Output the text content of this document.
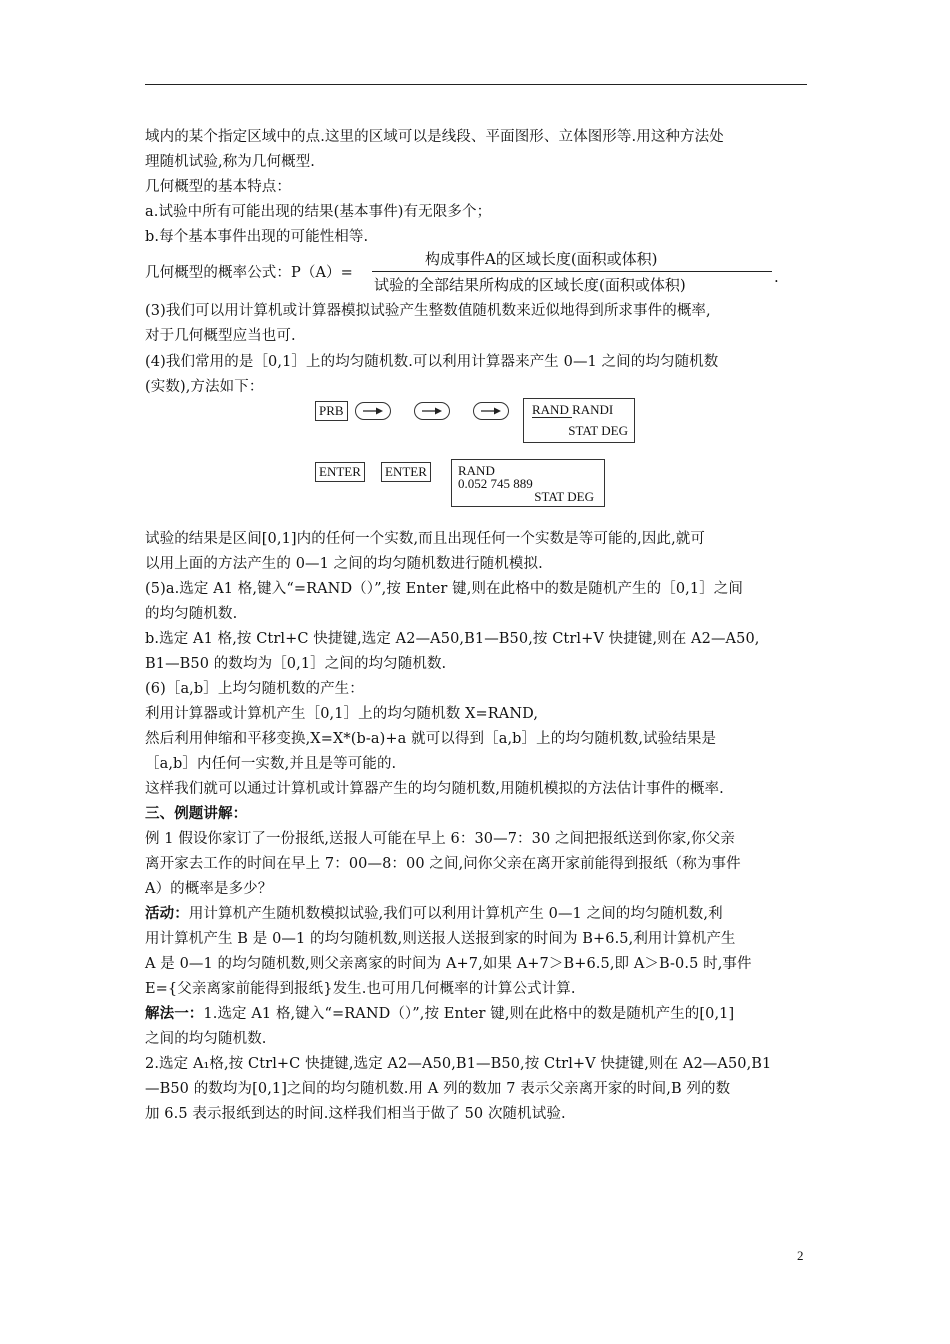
域内的某个指定区域中的点.这里的区域可以是线段、平面图形、立体图形等.用这种方法处
理随机试验,称为几何概型.
几何概型的基本特点：
a.试验中所有可能出现的结果(基本事件)有无限多个；
b.每个基本事件出现的可能性相等.
几何概型的概率公式：P（A）=
构成事件A的区域长度(面积或体积)
试验的全部结果所构成的区域长度(面积或体积)	.
(3)我们可以用计算机或计算器模拟试验产生整数值随机数来近似地得到所求事件的概率,
对于几何概型应当也可.
(4)我们常用的是［0,1］上的均匀随机数.可以利用计算器来产生 0—1 之间的均匀随机数
(实数),方法如下：
PRB	RAND RANDI
STAT DEG
ENTER	ENTER	RAND
0.052 745 889
STAT DEG
试验的结果是区间[0,1]内的任何一个实数,而且出现任何一个实数是等可能的,因此,就可
以用上面的方法产生的 0—1 之间的均匀随机数进行随机模拟.
(5)a.选定 A1 格,键入“=RAND（）”,按 Enter 键,则在此格中的数是随机产生的［0,1］之间
的均匀随机数.
b.选定 A1 格,按 Ctrl+C 快捷键,选定 A2—A50,B1—B50,按 Ctrl+V 快捷键,则在 A2—A50,
B1—B50 的数均为［0,1］之间的均匀随机数.
(6)［a,b］上均匀随机数的产生：
利用计算器或计算机产生［0,1］上的均匀随机数 X=RAND,
然后利用伸缩和平移变换,X=X*(b-a)+a 就可以得到［a,b］上的均匀随机数,试验结果是
［a,b］内任何一实数,并且是等可能的.
这样我们就可以通过计算机或计算器产生的均匀随机数,用随机模拟的方法估计事件的概率.
三、例题讲解：
例 1 假设你家订了一份报纸,送报人可能在早上 6：30—7：30 之间把报纸送到你家,你父亲
离开家去工作的时间在早上 7：00—8：00 之间,问你父亲在离开家前能得到报纸（称为事件
A）的概率是多少？
活动：用计算机产生随机数模拟试验,我们可以利用计算机产生 0—1 之间的均匀随机数,利
用计算机产生 B 是 0—1 的均匀随机数,则送报人送报到家的时间为 B+6.5,利用计算机产生
A 是 0—1 的均匀随机数,则父亲离家的时间为 A+7,如果 A+7＞B+6.5,即 A＞B-0.5 时,事件
E={父亲离家前能得到报纸}发生.也可用几何概率的计算公式计算.
解法一：1.选定 A1 格,键入“=RAND（）”,按 Enter 键,则在此格中的数是随机产生的[0,1]
之间的均匀随机数.
2.选定 A₁格,按 Ctrl+C 快捷键,选定 A2—A50,B1—B50,按 Ctrl+V 快捷键,则在 A2—A50,B1
—B50 的数均为[0,1]之间的均匀随机数.用 A 列的数加 7 表示父亲离开家的时间,B 列的数
加 6.5 表示报纸到达的时间.这样我们相当于做了 50 次随机试验.
2
